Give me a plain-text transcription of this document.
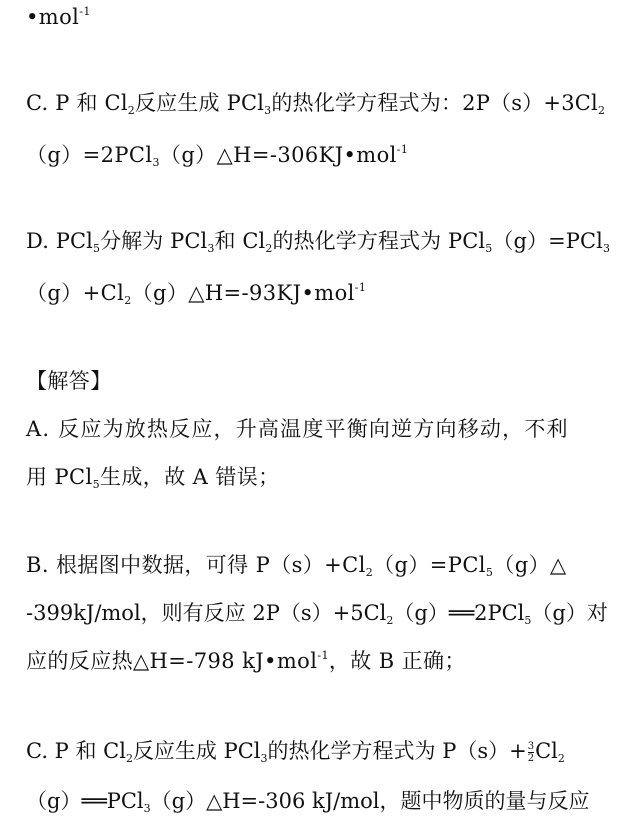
•mol$^{-1}$
C. P 和 $Cl_2$反应生成 PCl$_3$的热化学方程式为：$2P(s)+3Cl_2$
（g）=2PCl$_3$（g）△H=-306KJ•mol$^{-1}$
D. PCl$_5$分解为 PCl$_3$和 $Cl_2$的热化学方程式为 PCl$_5$（g）=PCl$_3$
$(g)+Cl_2(g)\triangle H=-93KJ•mol^{-1}$
【解答】
A. 反应为放热反应，升高温度平衡向逆方向移动，不利
用 PCl$_5$生成，故 A 错误；
B. 根据图中数据，可得 $P(s)+Cl_2(g)=PCl_5(g)\triangle$
-399kJ/mol，则有反应 $2P(s)+5Cl_2(g)══2PCl_5(g)$对
应的反应热△H=-798 kJ•mol$^{-1}$，故 B 正确；
C. P 和 $Cl_2$反应生成 PCl$_3$的热化学方程式为 $P(s)+ \frac{3}{2} Cl_2$
（g）══PCl$_3$（g）△H=-306 kJ/mol，题中物质的量与反应
